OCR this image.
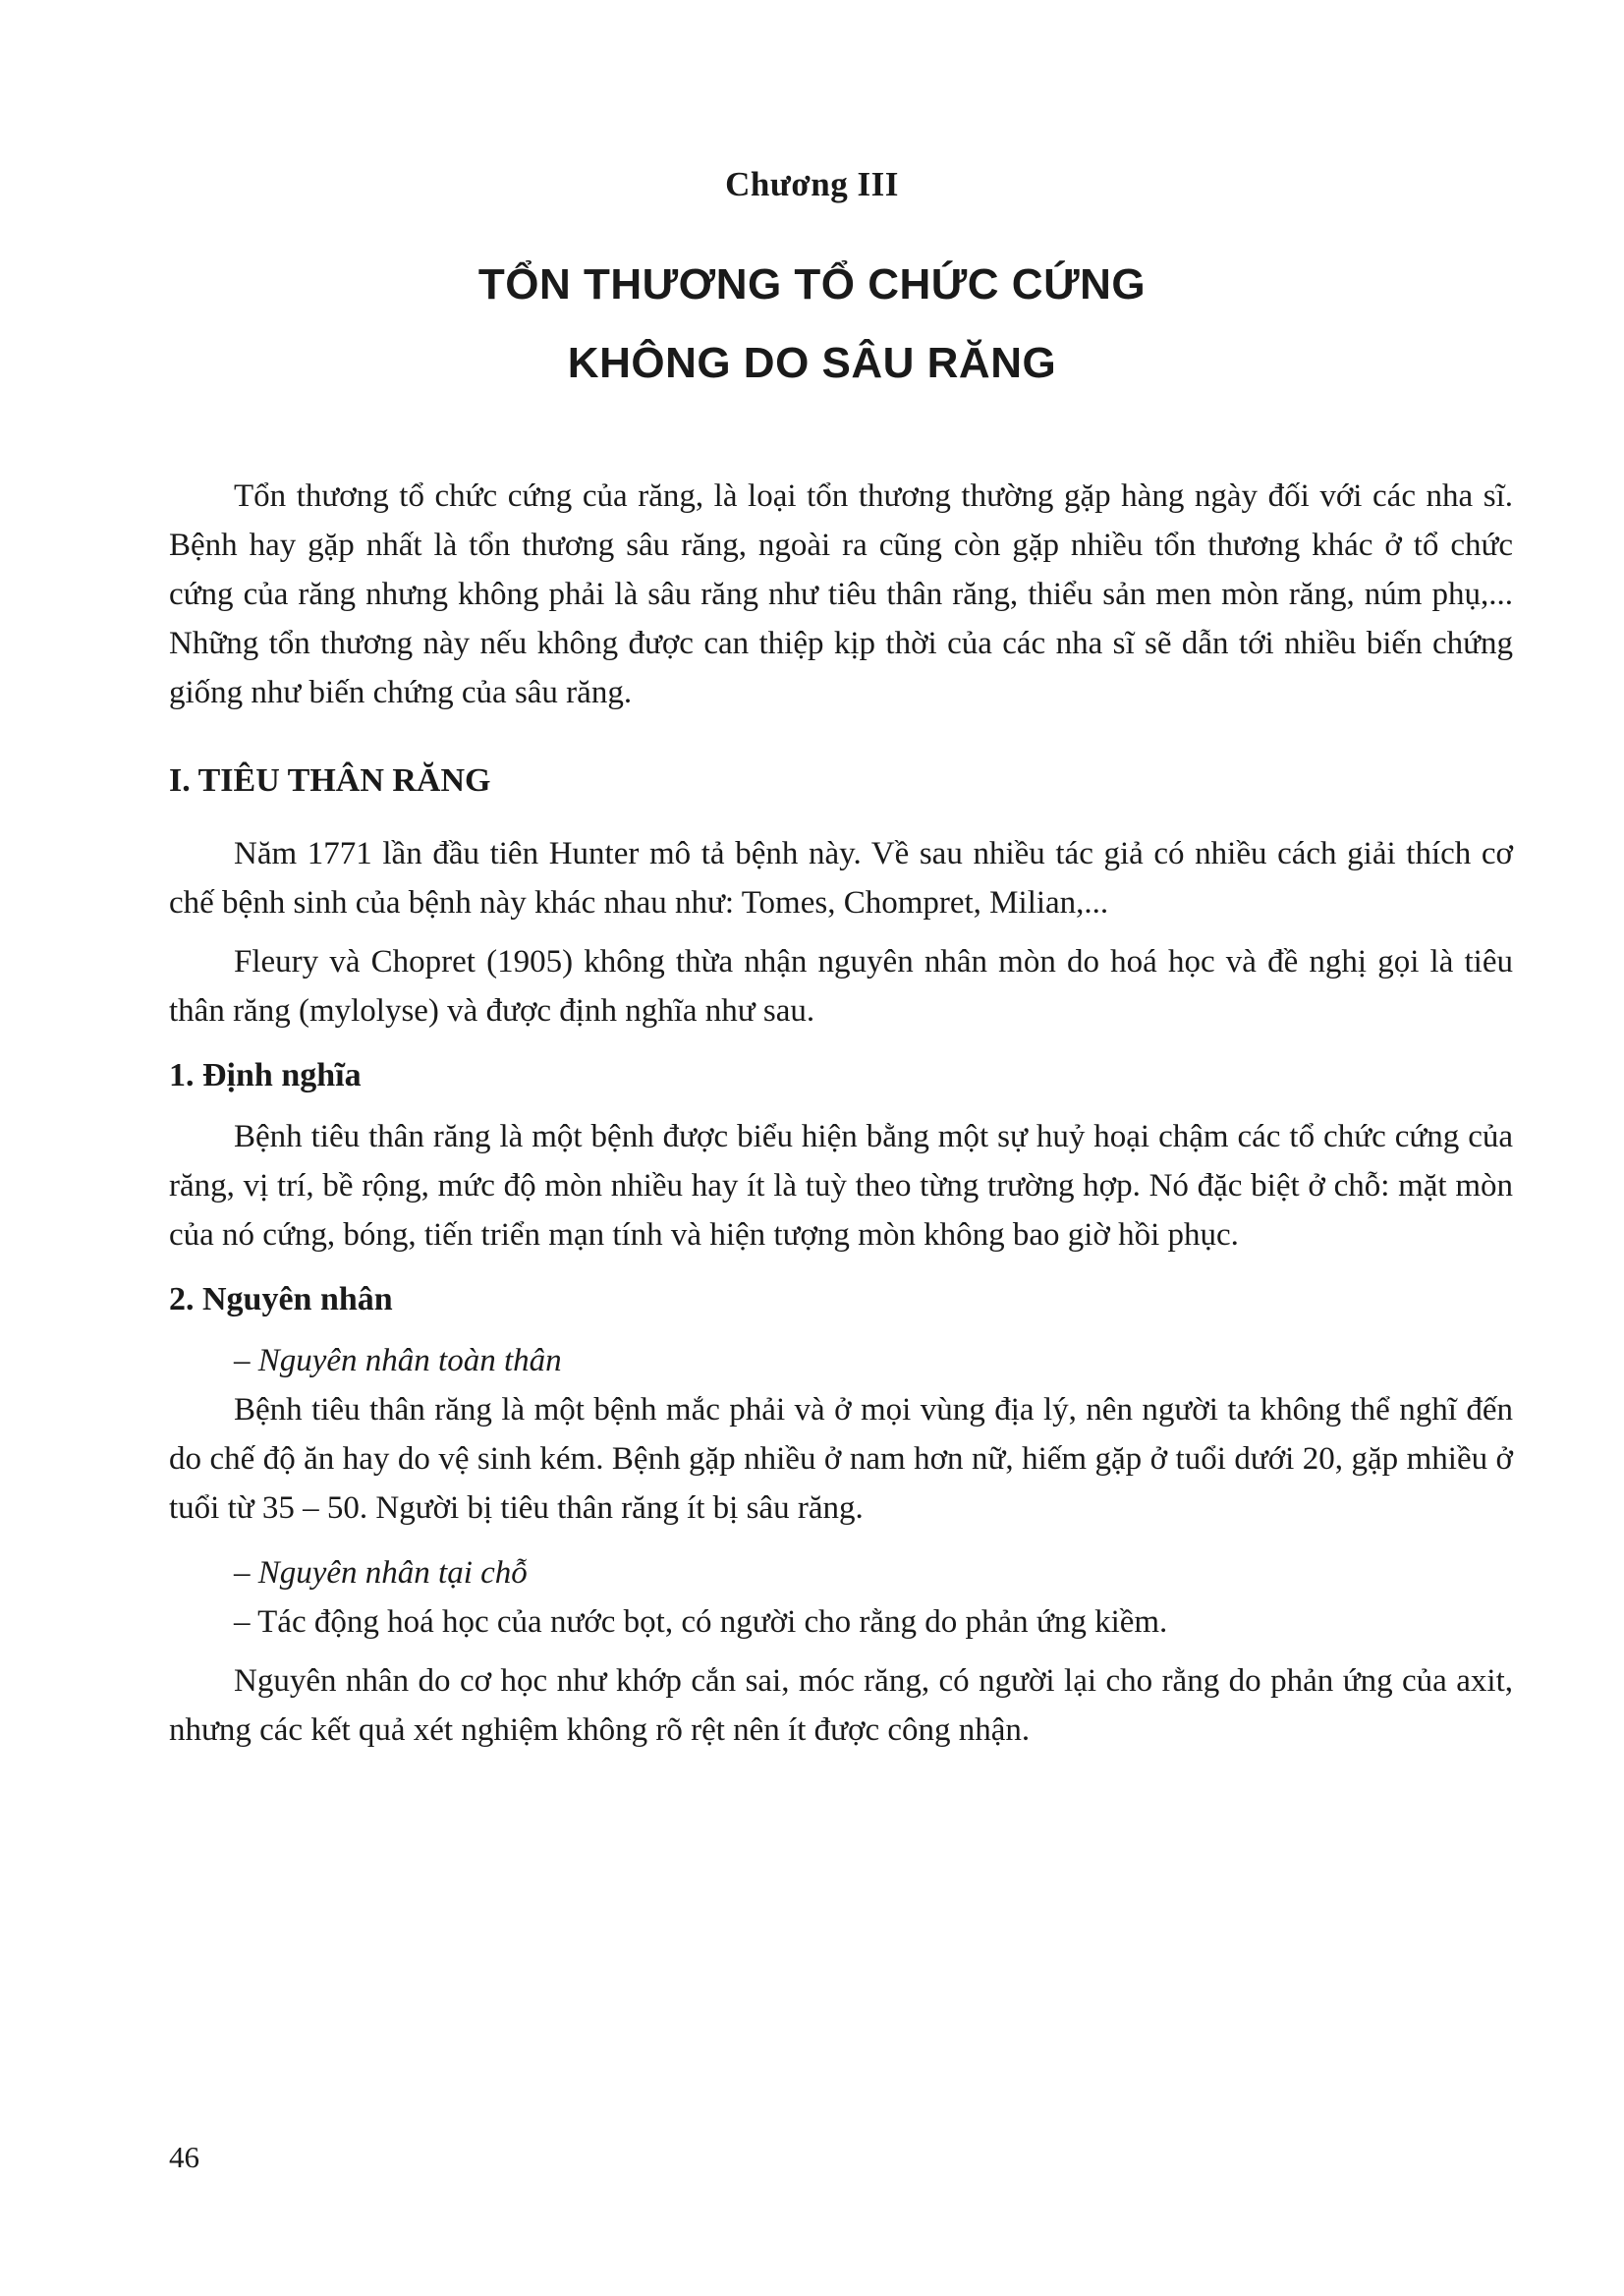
Chương III
TỔN THƯƠNG TỔ CHỨC CỨNG
KHÔNG DO SÂU RĂNG

Tổn thương tổ chức cứng của răng, là loại tổn thương thường gặp hàng ngày đối với các nha sĩ. Bệnh hay gặp nhất là tổn thương sâu răng, ngoài ra cũng còn gặp nhiều tổn thương khác ở tổ chức cứng của răng nhưng không phải là sâu răng như tiêu thân răng, thiểu sản men mòn răng, núm phụ,... Những tổn thương này nếu không được can thiệp kịp thời của các nha sĩ sẽ dẫn tới nhiều biến chứng giống như biến chứng của sâu răng.

I. TIÊU THÂN RĂNG

Năm 1771 lần đầu tiên Hunter mô tả bệnh này. Về sau nhiều tác giả có nhiều cách giải thích cơ chế bệnh sinh của bệnh này khác nhau như: Tomes, Chompret, Milian,...

Fleury và Chopret (1905) không thừa nhận nguyên nhân mòn do hoá học và đề nghị gọi là tiêu thân răng (mylolyse) và được định nghĩa như sau.

1. Định nghĩa

Bệnh tiêu thân răng là một bệnh được biểu hiện bằng một sự huỷ hoại chậm các tổ chức cứng của răng, vị trí, bề rộng, mức độ mòn nhiều hay ít là tuỳ theo từng trường hợp. Nó đặc biệt ở chỗ: mặt mòn của nó cứng, bóng, tiến triển mạn tính và hiện tượng mòn không bao giờ hồi phục.

2. Nguyên nhân

– Nguyên nhân toàn thân

Bệnh tiêu thân răng là một bệnh mắc phải và ở mọi vùng địa lý, nên người ta không thể nghĩ đến do chế độ ăn hay do vệ sinh kém. Bệnh gặp nhiều ở nam hơn nữ, hiếm gặp ở tuổi dưới 20, gặp mhiều ở tuổi từ 35 – 50. Người bị tiêu thân răng ít bị sâu răng.

– Nguyên nhân tại chỗ

– Tác động hoá học của nước bọt, có người cho rằng do phản ứng kiềm.

Nguyên nhân do cơ học như khớp cắn sai, móc răng, có người lại cho rằng do phản ứng của axit, nhưng các kết quả xét nghiệm không rõ rệt nên ít được công nhận.

46
